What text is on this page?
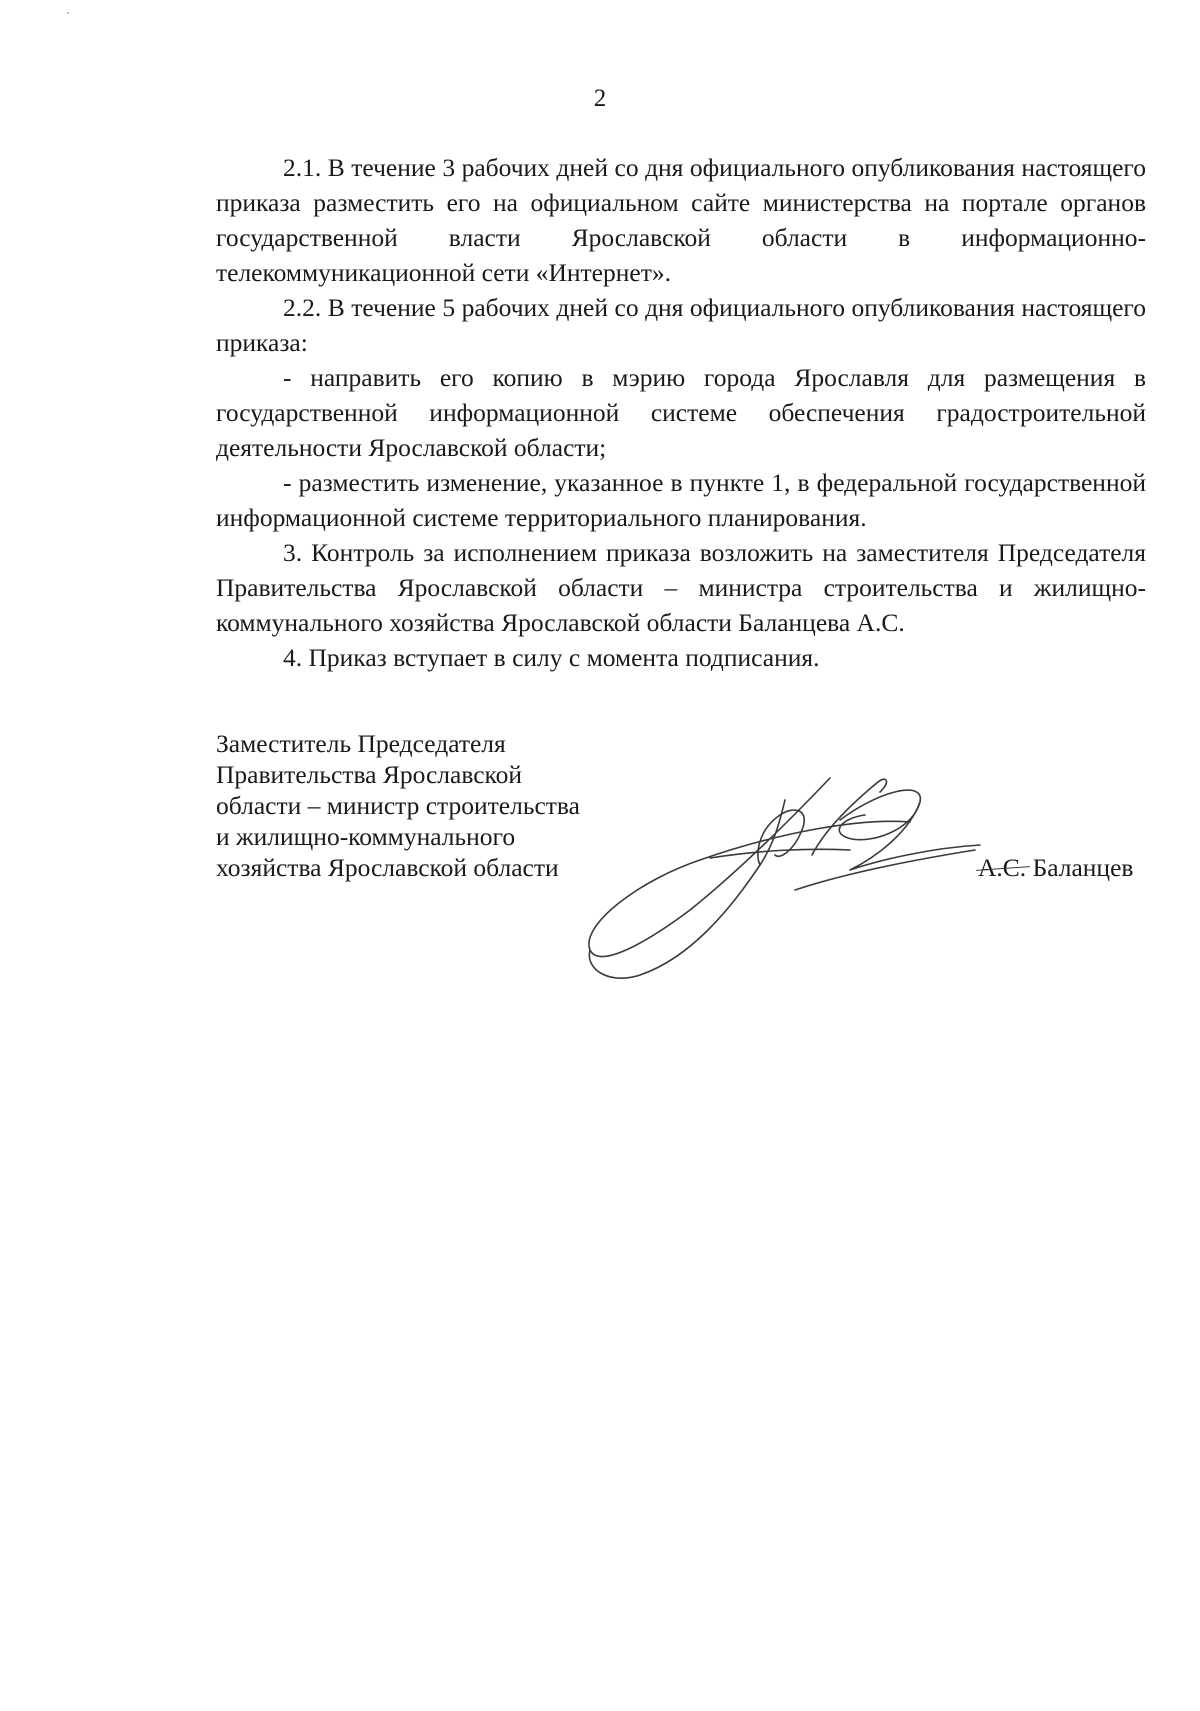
2

2.1. В течение 3 рабочих дней со дня официального опубликования настоящего приказа разместить его на официальном сайте министерства на портале органов государственной власти Ярославской области в информационно-телекоммуникационной сети «Интернет».

2.2. В течение 5 рабочих дней со дня официального опубликования настоящего приказа:

- направить его копию в мэрию города Ярославля для размещения в государственной информационной системе обеспечения градостроительной деятельности Ярославской области;

- разместить изменение, указанное в пункте 1, в федеральной государственной информационной системе территориального планирования.

3. Контроль за исполнением приказа возложить на заместителя Председателя Правительства Ярославской области – министра строительства и жилищно-коммунального хозяйства Ярославской области Баланцева А.С.

4. Приказ вступает в силу с момента подписания.

Заместитель Председателя
Правительства Ярославской
области – министр строительства
и жилищно-коммунального
хозяйства Ярославской области	А.С. Баланцев
